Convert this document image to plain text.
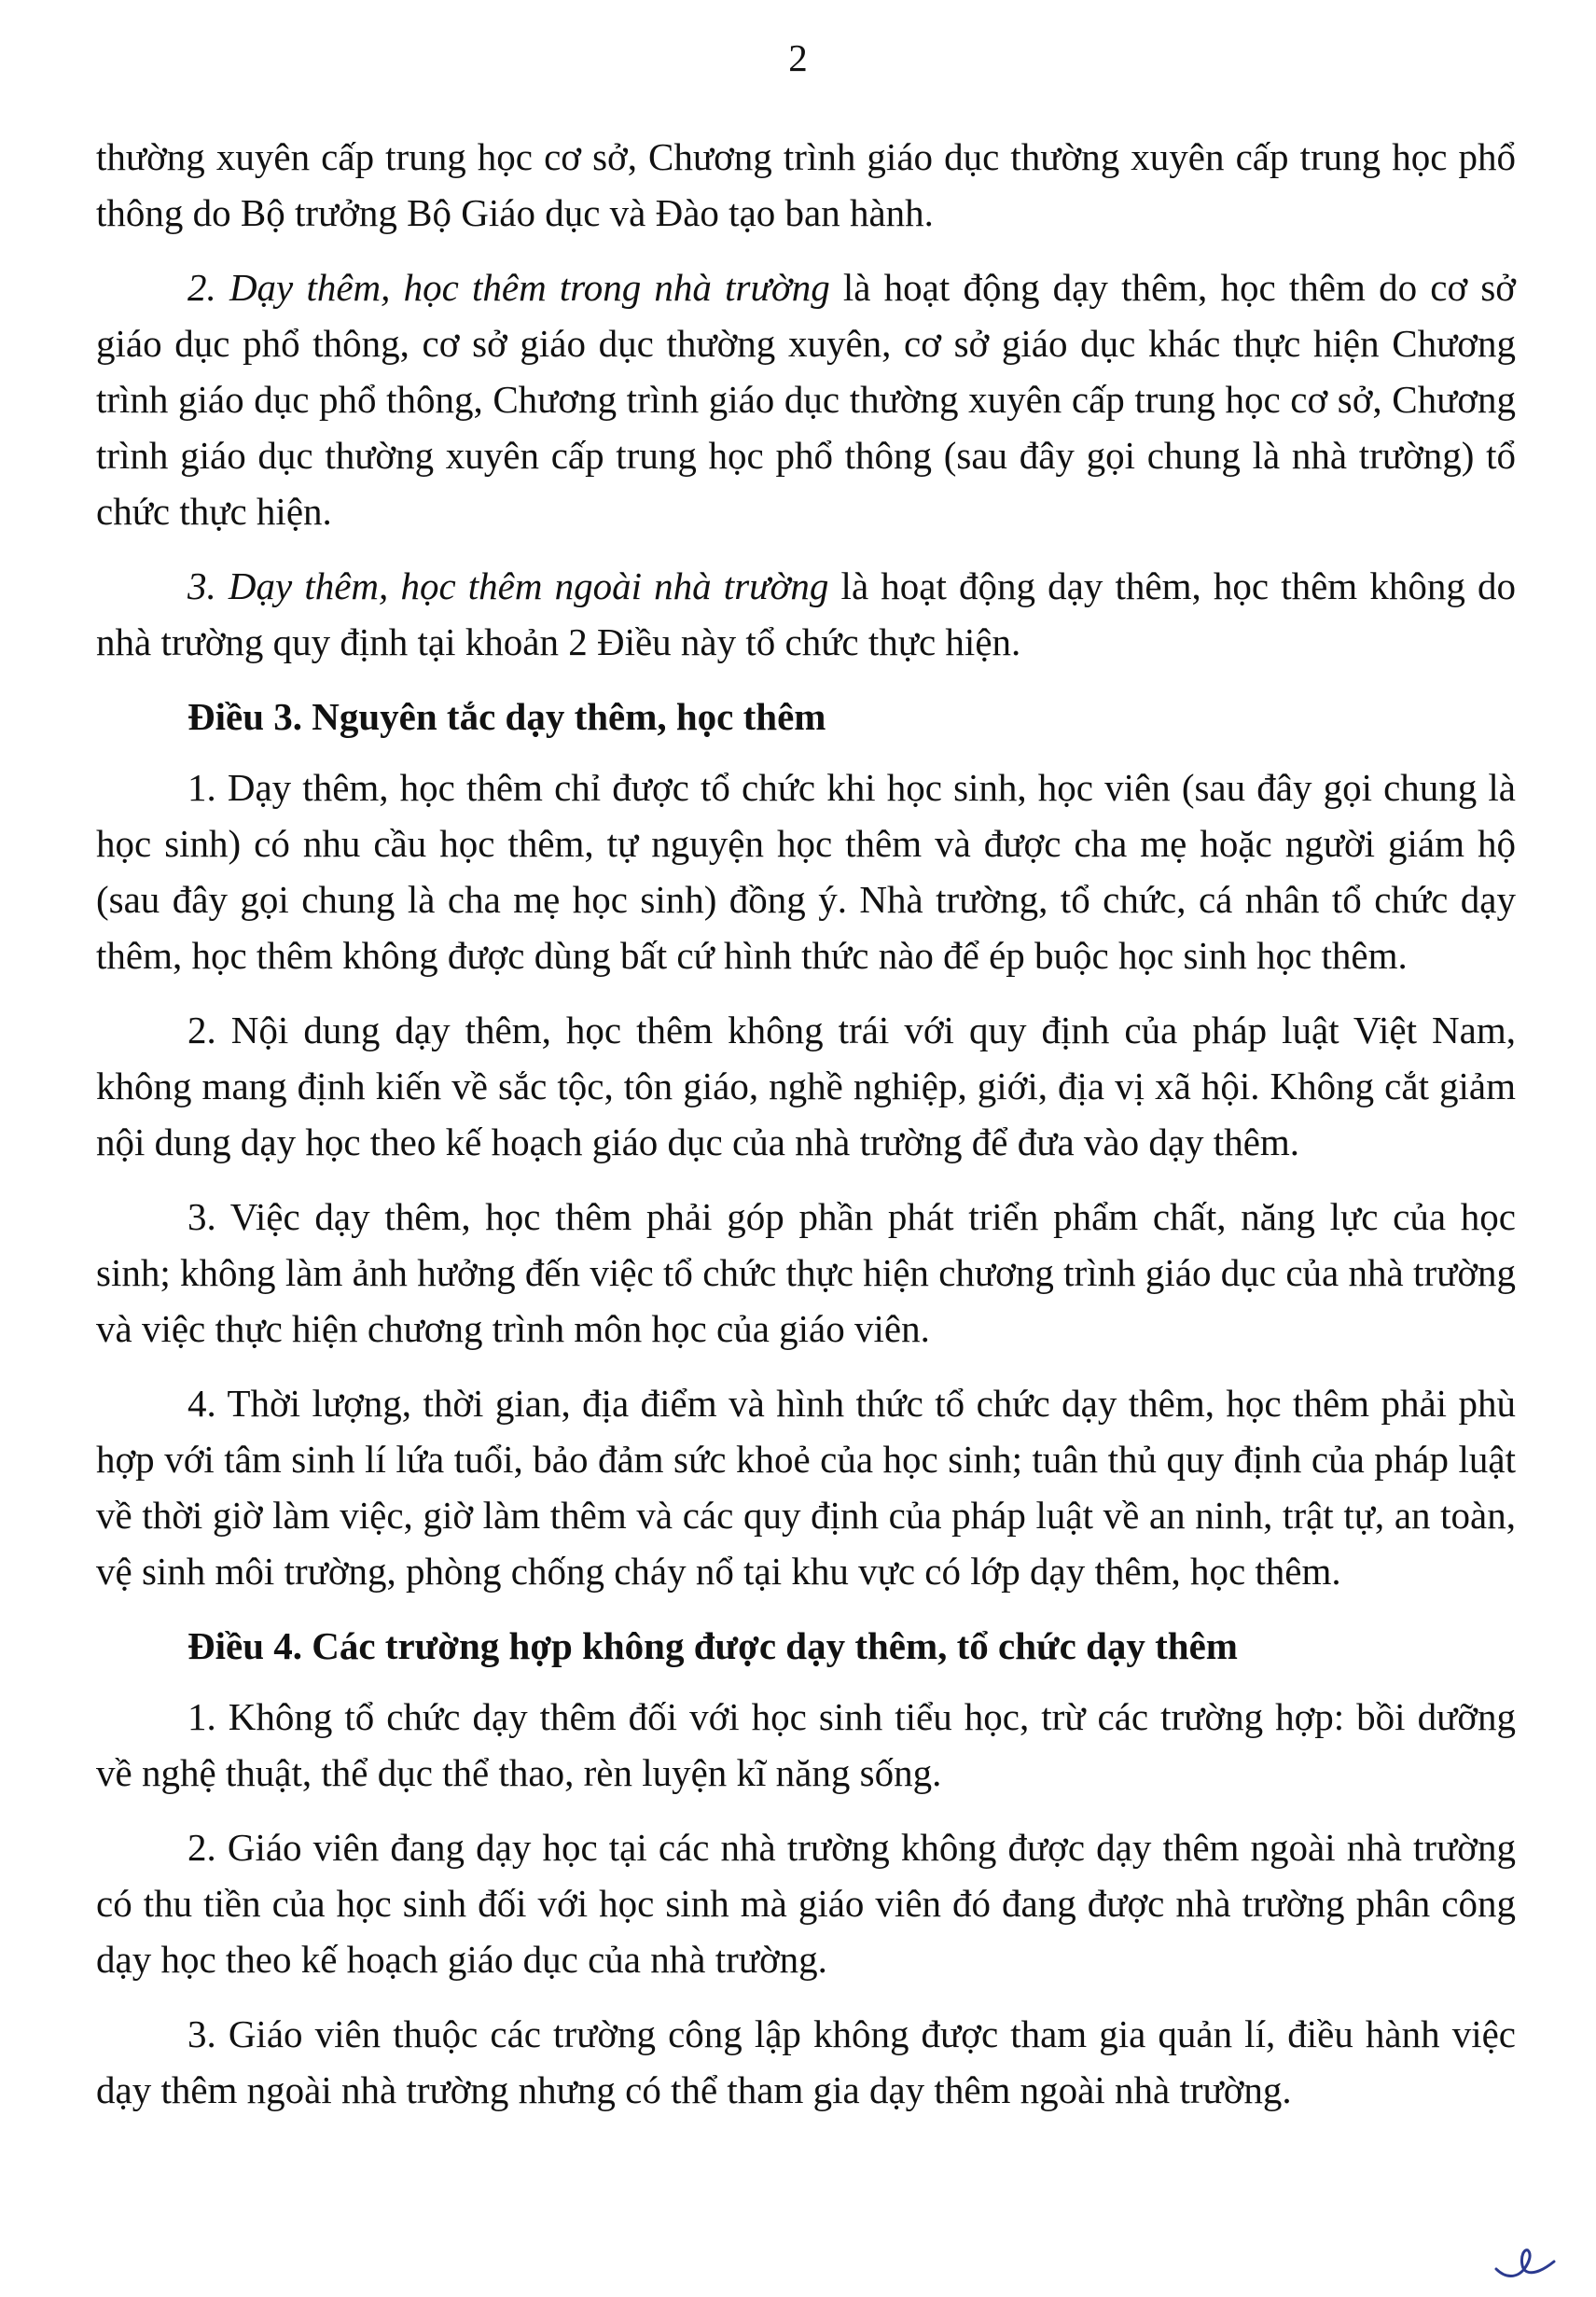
2

thường xuyên cấp trung học cơ sở, Chương trình giáo dục thường xuyên cấp trung học phổ thông do Bộ trưởng Bộ Giáo dục và Đào tạo ban hành.

2. Dạy thêm, học thêm trong nhà trường là hoạt động dạy thêm, học thêm do cơ sở giáo dục phổ thông, cơ sở giáo dục thường xuyên, cơ sở giáo dục khác thực hiện Chương trình giáo dục phổ thông, Chương trình giáo dục thường xuyên cấp trung học cơ sở, Chương trình giáo dục thường xuyên cấp trung học phổ thông (sau đây gọi chung là nhà trường) tổ chức thực hiện.

3. Dạy thêm, học thêm ngoài nhà trường là hoạt động dạy thêm, học thêm không do nhà trường quy định tại khoản 2 Điều này tổ chức thực hiện.

Điều 3. Nguyên tắc dạy thêm, học thêm

1. Dạy thêm, học thêm chỉ được tổ chức khi học sinh, học viên (sau đây gọi chung là học sinh) có nhu cầu học thêm, tự nguyện học thêm và được cha mẹ hoặc người giám hộ (sau đây gọi chung là cha mẹ học sinh) đồng ý. Nhà trường, tổ chức, cá nhân tổ chức dạy thêm, học thêm không được dùng bất cứ hình thức nào để ép buộc học sinh học thêm.

2. Nội dung dạy thêm, học thêm không trái với quy định của pháp luật Việt Nam, không mang định kiến về sắc tộc, tôn giáo, nghề nghiệp, giới, địa vị xã hội. Không cắt giảm nội dung dạy học theo kế hoạch giáo dục của nhà trường để đưa vào dạy thêm.

3. Việc dạy thêm, học thêm phải góp phần phát triển phẩm chất, năng lực của học sinh; không làm ảnh hưởng đến việc tổ chức thực hiện chương trình giáo dục của nhà trường và việc thực hiện chương trình môn học của giáo viên.

4. Thời lượng, thời gian, địa điểm và hình thức tổ chức dạy thêm, học thêm phải phù hợp với tâm sinh lí lứa tuổi, bảo đảm sức khoẻ của học sinh; tuân thủ quy định của pháp luật về thời giờ làm việc, giờ làm thêm và các quy định của pháp luật về an ninh, trật tự, an toàn, vệ sinh môi trường, phòng chống cháy nổ tại khu vực có lớp dạy thêm, học thêm.

Điều 4. Các trường hợp không được dạy thêm, tổ chức dạy thêm

1. Không tổ chức dạy thêm đối với học sinh tiểu học, trừ các trường hợp: bồi dưỡng về nghệ thuật, thể dục thể thao, rèn luyện kĩ năng sống.

2. Giáo viên đang dạy học tại các nhà trường không được dạy thêm ngoài nhà trường có thu tiền của học sinh đối với học sinh mà giáo viên đó đang được nhà trường phân công dạy học theo kế hoạch giáo dục của nhà trường.

3. Giáo viên thuộc các trường công lập không được tham gia quản lí, điều hành việc dạy thêm ngoài nhà trường nhưng có thể tham gia dạy thêm ngoài nhà trường.
